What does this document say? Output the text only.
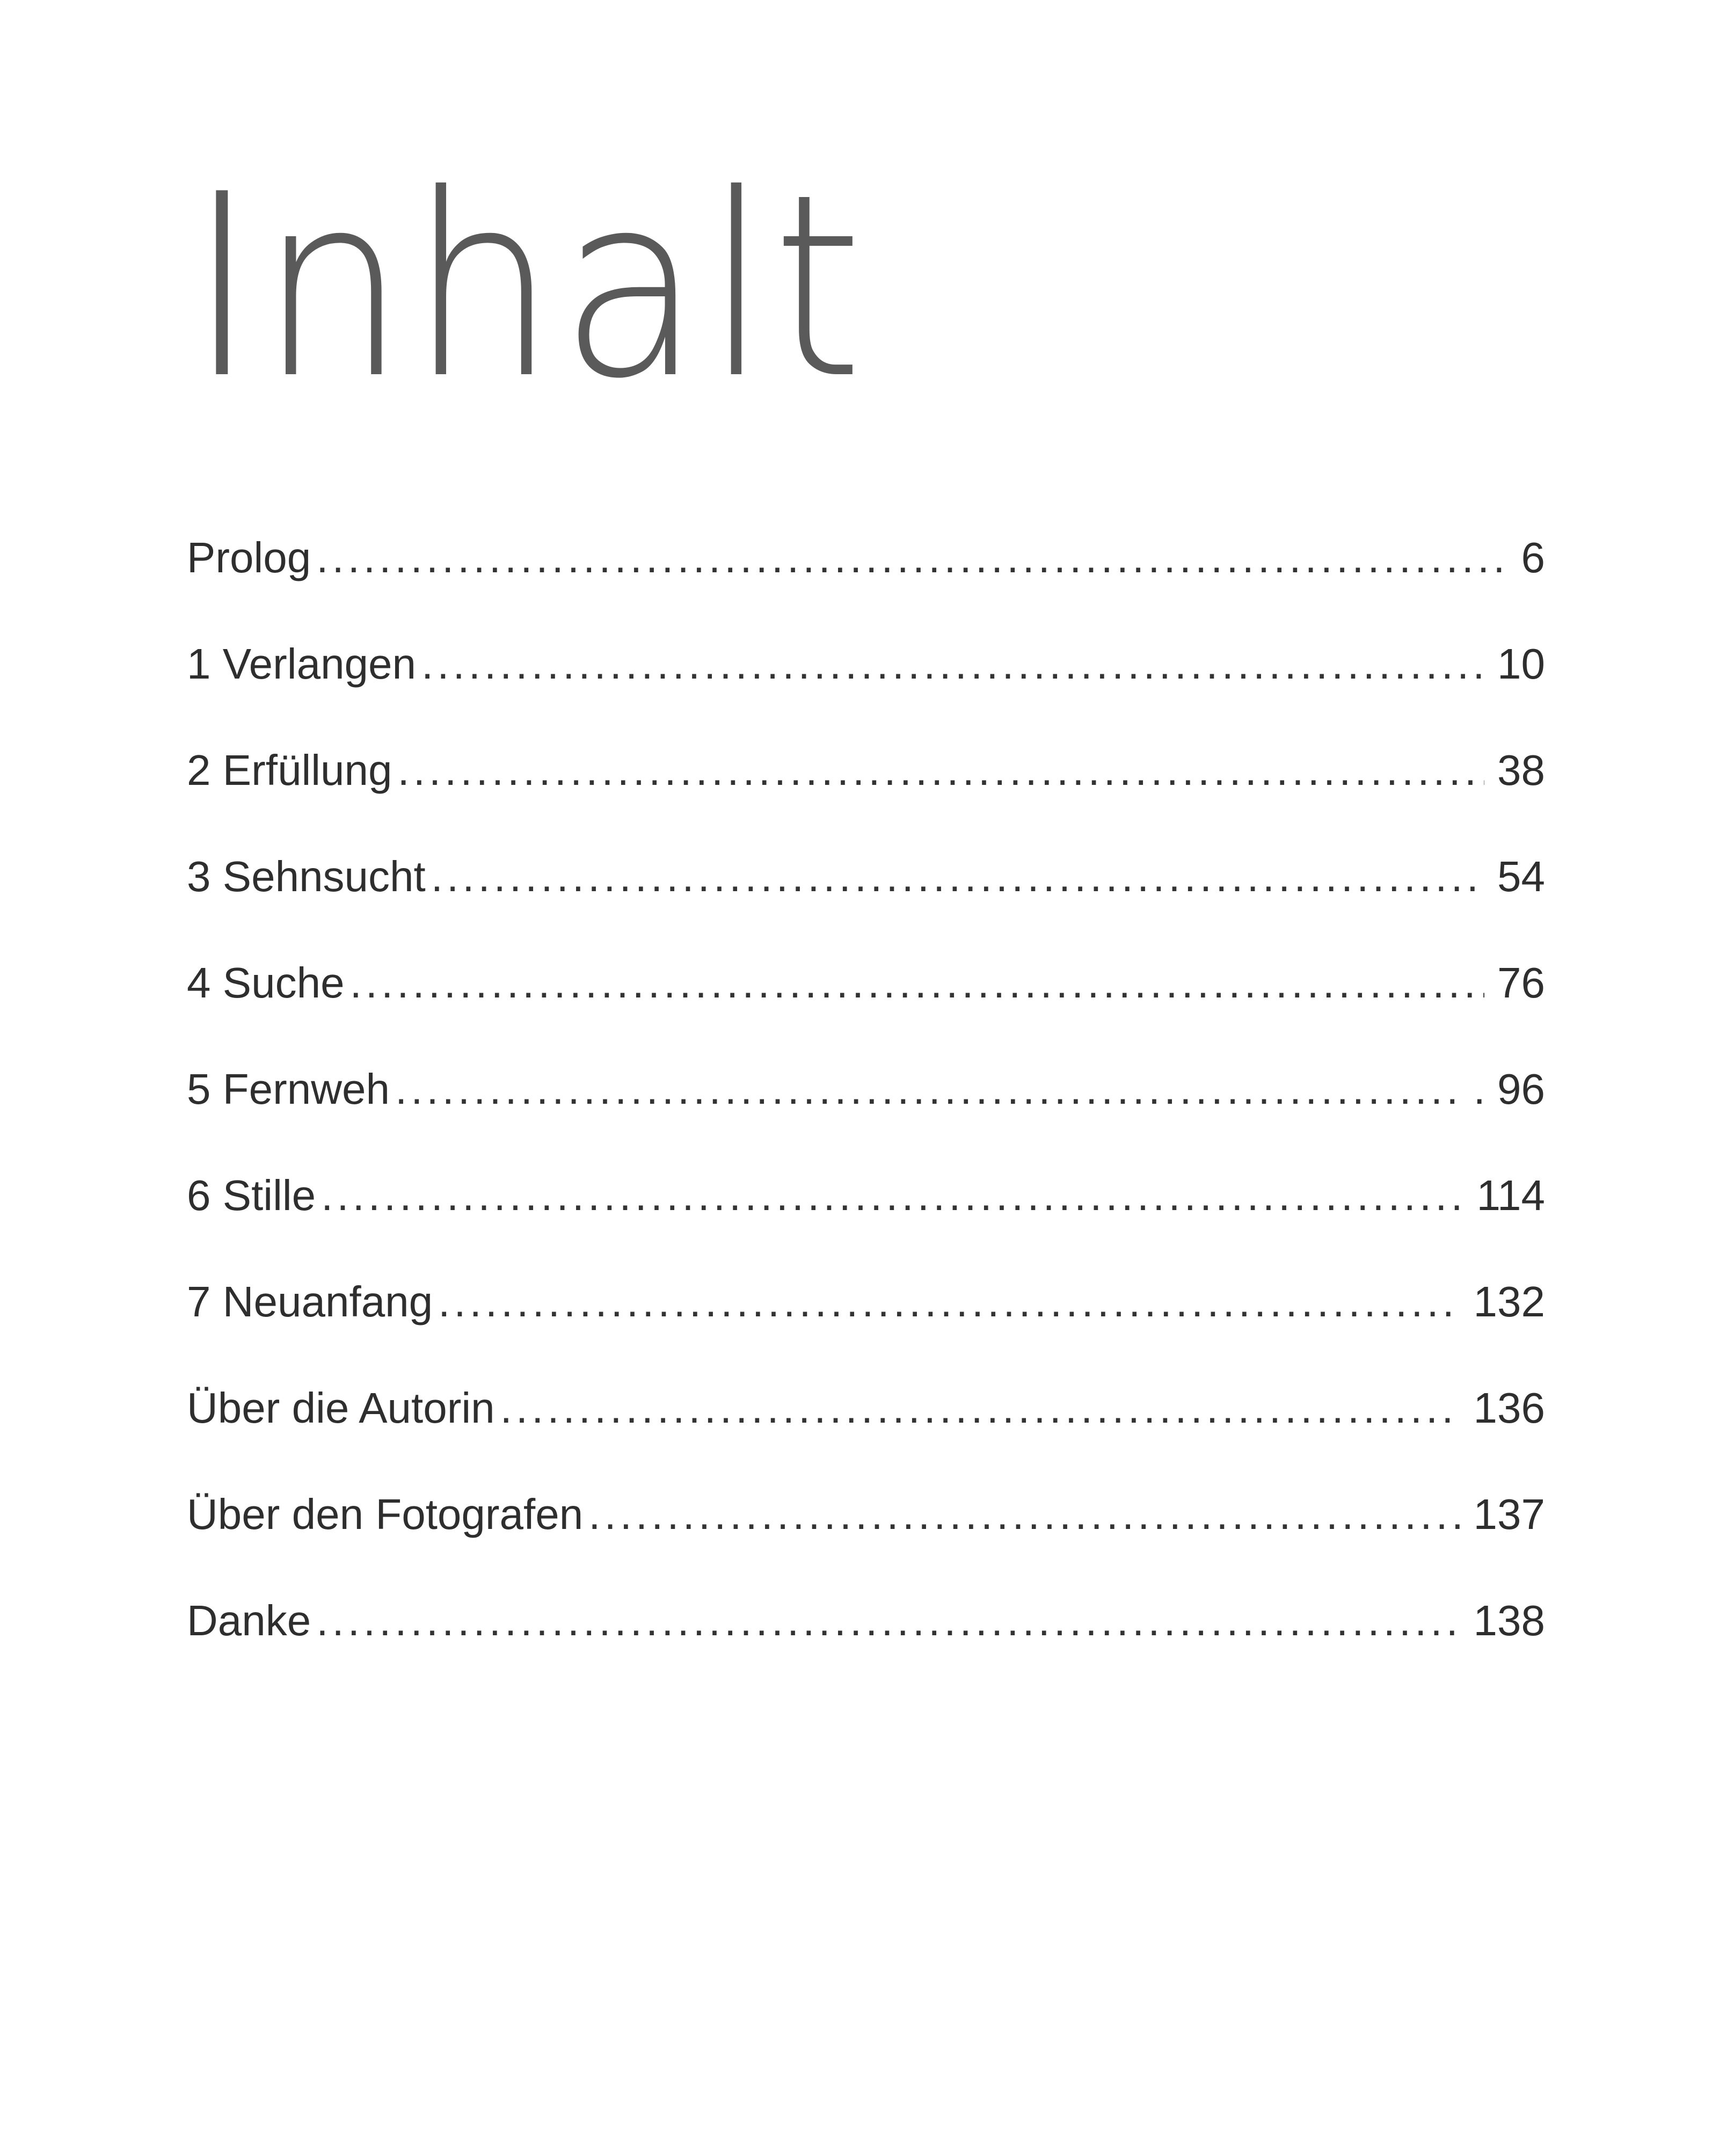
Inhalt
Prolog .....	6
1 Verlangen .....	10
2 Erfüllung .....	38
3 Sehnsucht .....	54
4 Suche .....	76
5 Fernweh .....	. 96
6 Stille .....	114
7 Neuanfang .....	132
Über die Autorin .....	136
Über den Fotografen .....	137
Danke .....	138
